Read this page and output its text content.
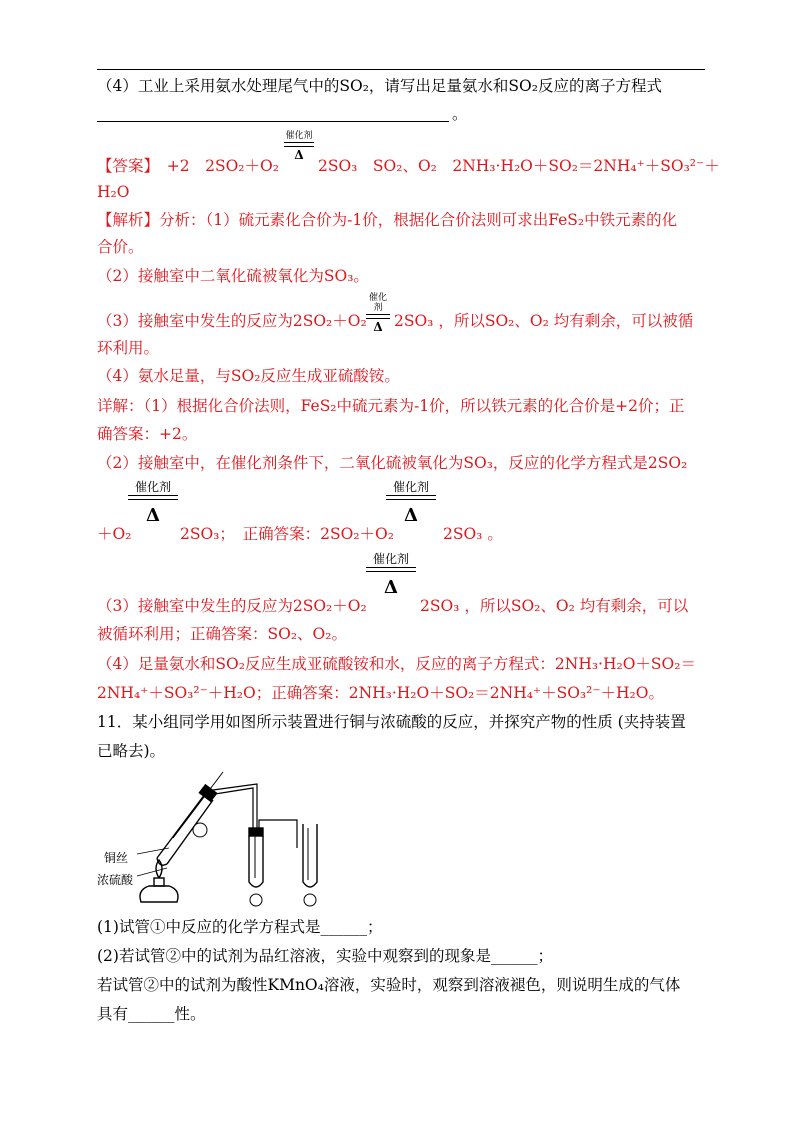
（4）工业上采用氨水处理尾气中的SO₂，请写出足量氨水和SO₂反应的离子方程式
。
【答案】　+2　2SO₂＋O₂
催化剂
Δ
2SO₃　SO₂、O₂　2NH₃·H₂O＋SO₂＝2NH₄⁺＋SO₃²⁻＋
H₂O
【解析】分析：（1）硫元素化合价为-1价，根据化合价法则可求出FeS₂中铁元素的化
合价。
（2）接触室中二氧化硫被氧化为SO₃。
（3）接触室中发生的反应为2SO₂＋O₂
催化剂
Δ 2SO₃ ，所以SO₂、O₂ 均有剩余，可以被循
环利用。
（4）氨水足量，与SO₂反应生成亚硫酸铵。
详解：（1）根据化合价法则，FeS₂中硫元素为-1价，所以铁元素的化合价是+2价；正
确答案：+2。
（2）接触室中，在催化剂条件下，二氧化硫被氧化为SO₃，反应的化学方程式是2SO₂
催化剂
Δ
催化剂
Δ
＋O₂	2SO₃；　正确答案：2SO₂＋O₂	2SO₃ 。
催化剂
Δ
（3）接触室中发生的反应为2SO₂＋O₂	2SO₃ ，所以SO₂、O₂ 均有剩余，可以
被循环利用；正确答案：SO₂、O₂。
（4）足量氨水和SO₂反应生成亚硫酸铵和水，反应的离子方程式：2NH₃·H₂O＋SO₂＝
2NH₄⁺＋SO₃²⁻＋H₂O；正确答案：2NH₃·H₂O＋SO₂＝2NH₄⁺＋SO₃²⁻＋H₂O。
11．某小组同学用如图所示装置进行铜与浓硫酸的反应，并探究产物的性质 (夹持装置
已略去)。
铜丝
浓硫酸
(1)试管①中反应的化学方程式是______；
(2)若试管②中的试剂为品红溶液，实验中观察到的现象是______；
若试管②中的试剂为酸性KMnO₄溶液，实验时，观察到溶液褪色，则说明生成的气体
具有______性。
